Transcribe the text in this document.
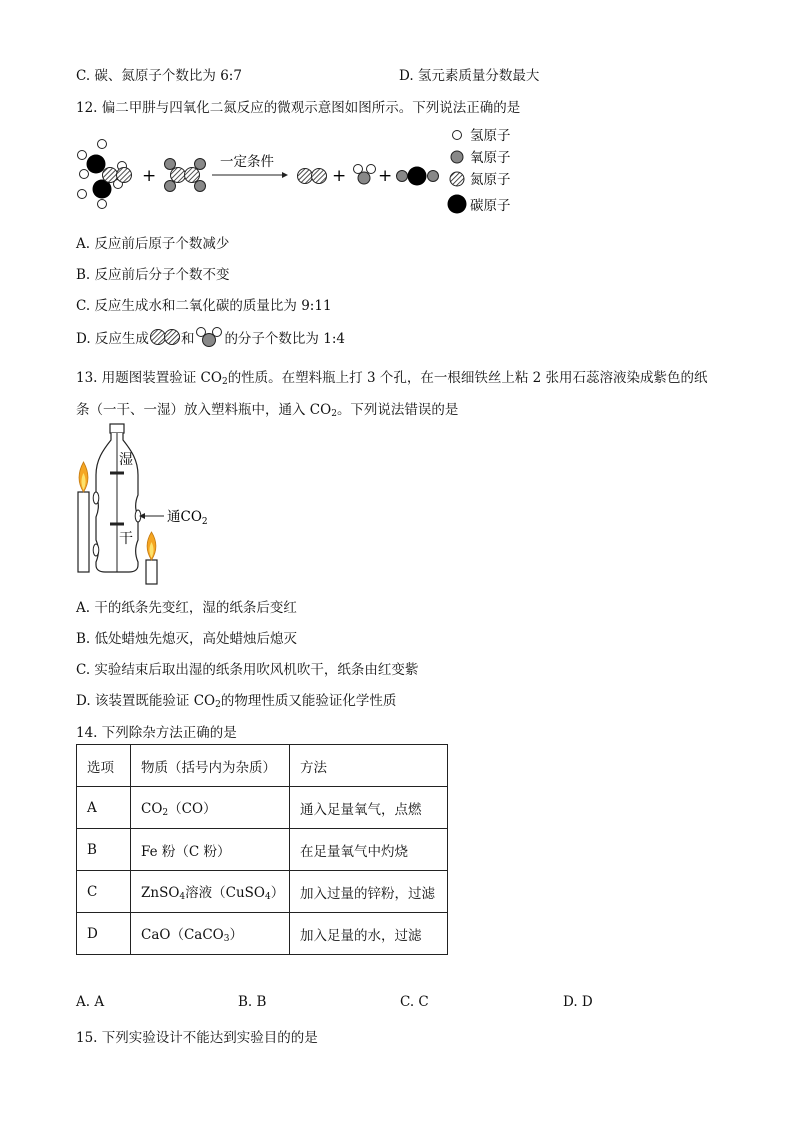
C. 碳、氮原子个数比为 6:7	D. 氢元素质量分数最大
12. 偏二甲肼与四氧化二氮反应的微观示意图如图所示。下列说法正确的是
+
一定条件
+ +
氢原子
氧原子
氮原子
碳原子
A. 反应前后原子个数减少
B. 反应前后分子个数不变
C. 反应生成水和二氧化碳的质量比为 9:11
D. 反应生成 和 的分子个数比为 1:4
13. 用题图装置验证 $CO_2$的性质。在塑料瓶上打 3 个孔，在一根细铁丝上粘 2 张用石蕊溶液染成紫色的纸
条（一干、一湿）放入塑料瓶中，通入 $CO_2$。下列说法错误的是
湿
干
通$CO_2$
A. 干的纸条先变红，湿的纸条后变红
B. 低处蜡烛先熄灭，高处蜡烛后熄灭
C. 实验结束后取出湿的纸条用吹风机吹干，纸条由红变紫
D. 该装置既能验证 $CO_2$的物理性质又能验证化学性质
14. 下列除杂方法正确的是
选项	物质（括号内为杂质）	方法
A	$CO_2(CO)$	通入足量氧气，点燃
B	Fe 粉（C 粉）	在足量氧气中灼烧
C	ZnSO$_4$溶液（CuSO$_4$）	加入过量的锌粉，过滤
D	CaO（CaCO$_3$）	加入足量的水，过滤
A. A	B. B	C. C	D. D
15. 下列实验设计不能达到实验目的的是
